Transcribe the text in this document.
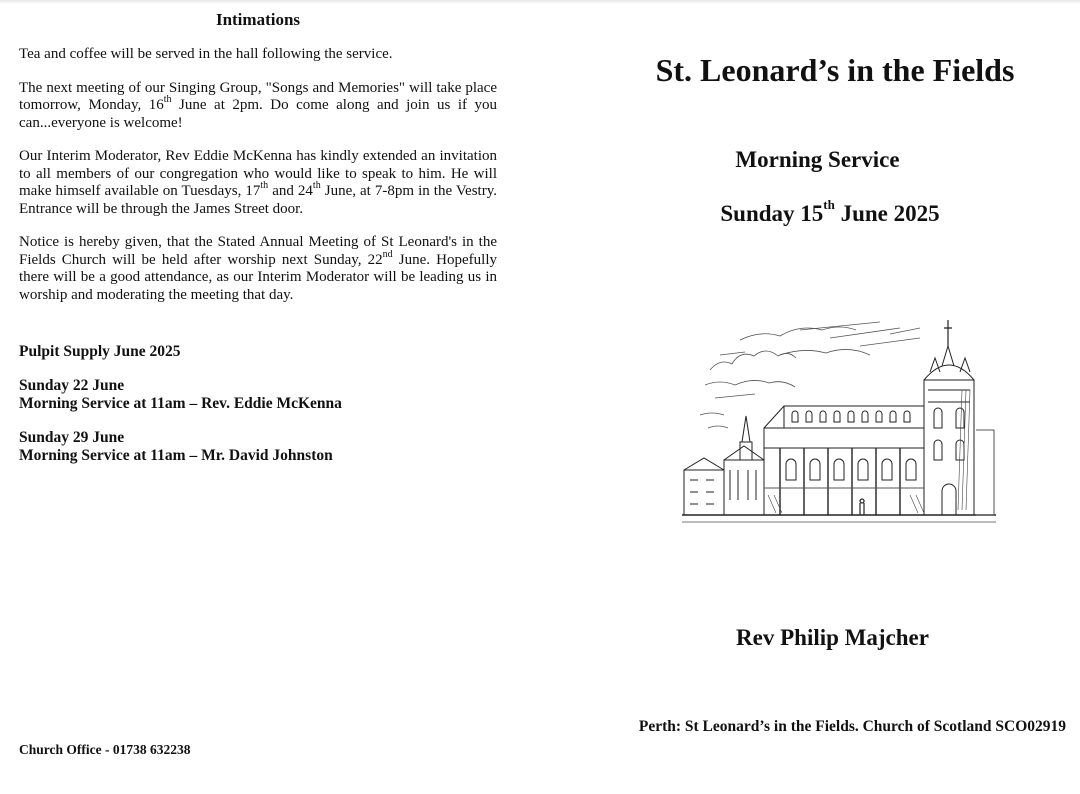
Intimations

Tea and coffee will be served in the hall following the service.

The next meeting of our Singing Group, "Songs and Memories" will take place tomorrow, Monday, 16th June at 2pm. Do come along and join us if you can...everyone is welcome!

Our Interim Moderator, Rev Eddie McKenna has kindly extended an invitation to all members of our congregation who would like to speak to him. He will make himself available on Tuesdays, 17th and 24th June, at 7-8pm in the Vestry. Entrance will be through the James Street door.

Notice is hereby given, that the Stated Annual Meeting of St Leonard's in the Fields Church will be held after worship next Sunday, 22nd June. Hopefully there will be a good attendance, as our Interim Moderator will be leading us in worship and moderating the meeting that day.

Pulpit Supply June 2025

Sunday 22 June

Morning Service at 11am – Rev. Eddie McKenna

Sunday 29 June

Morning Service at 11am – Mr. David Johnston

Church Office - 01738 632238
St. Leonard’s in the Fields
Morning Service
Sunday 15th June 2025
Rev Philip Majcher
Perth: St Leonard’s in the Fields. Church of Scotland SCO02919
